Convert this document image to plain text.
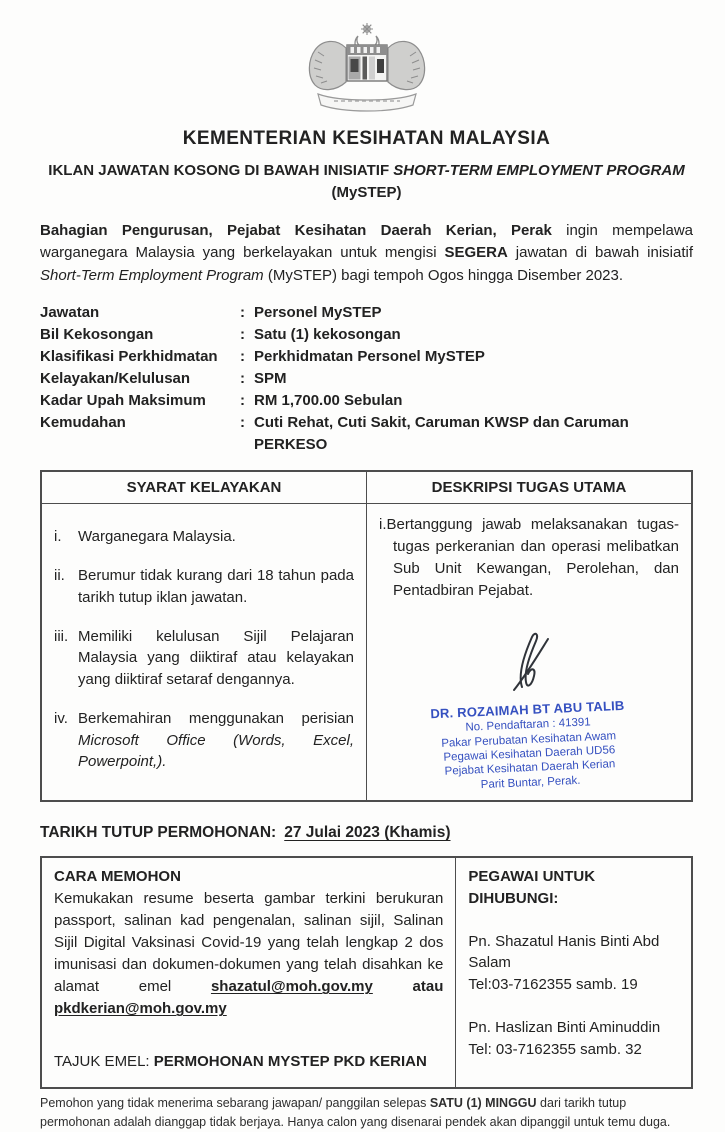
KEMENTERIAN KESIHATAN MALAYSIA
IKLAN JAWATAN KOSONG DI BAWAH INISIATIF SHORT-TERM EMPLOYMENT PROGRAM
(MySTEP)

Bahagian Pengurusan, Pejabat Kesihatan Daerah Kerian, Perak ingin mempelawa warganegara Malaysia yang berkelayakan untuk mengisi SEGERA jawatan di bawah inisiatif Short-Term Employment Program (MySTEP) bagi tempoh Ogos hingga Disember 2023.

Jawatan	: Personel MySTEP
Bil Kekosongan	: Satu (1) kekosongan
Klasifikasi Perkhidmatan	: Perkhidmatan Personel MySTEP
Kelayakan/Kelulusan	: SPM
Kadar Upah Maksimum	: RM 1,700.00 Sebulan
Kemudahan	: Cuti Rehat, Cuti Sakit, Caruman KWSP dan Caruman PERKESO
SYARAT KELAYAKAN	DESKRIPSI TUGAS UTAMA
i. Warganegara Malaysia.
ii. Berumur tidak kurang dari 18 tahun pada tarikh tutup iklan jawatan.
iii. Memiliki kelulusan Sijil Pelajaran Malaysia yang diiktiraf atau kelayakan yang diiktiraf setaraf dengannya.
iv. Berkemahiran menggunakan perisian Microsoft Office (Words, Excel, Powerpoint,).
i.Bertanggung jawab melaksanakan tugas-tugas perkeranian dan operasi melibatkan Sub Unit Kewangan, Perolehan, dan Pentadbiran Pejabat.
DR. ROZAIMAH BT ABU TALIB
No. Pendaftaran : 41391
Pakar Perubatan Kesihatan Awam
Pegawai Kesihatan Daerah UD56
Pejabat Kesihatan Daerah Kerian
Parit Buntar, Perak.
TARIKH TUTUP PERMOHONAN: 27 Julai 2023 (Khamis)
CARA MEMOHON
Kemukakan resume beserta gambar terkini berukuran passport, salinan kad pengenalan, salinan sijil, Salinan Sijil Digital Vaksinasi Covid-19 yang telah lengkap 2 dos imunisasi dan dokumen-dokumen yang telah disahkan ke alamat emel shazatul@moh.gov.my atau pkdkerian@moh.gov.my
TAJUK EMEL: PERMOHONAN MYSTEP PKD KERIAN
PEGAWAI UNTUK DIHUBUNGI:
Pn. Shazatul Hanis Binti Abd Salam
Tel:03-7162355 samb. 19
Pn. Haslizan Binti Aminuddin
Tel: 03-7162355 samb. 32
Pemohon yang tidak menerima sebarang jawapan/ panggilan selepas SATU (1) MINGGU dari tarikh tutup permohonan adalah dianggap tidak berjaya. Hanya calon yang disenarai pendek akan dipanggil untuk temu duga.
